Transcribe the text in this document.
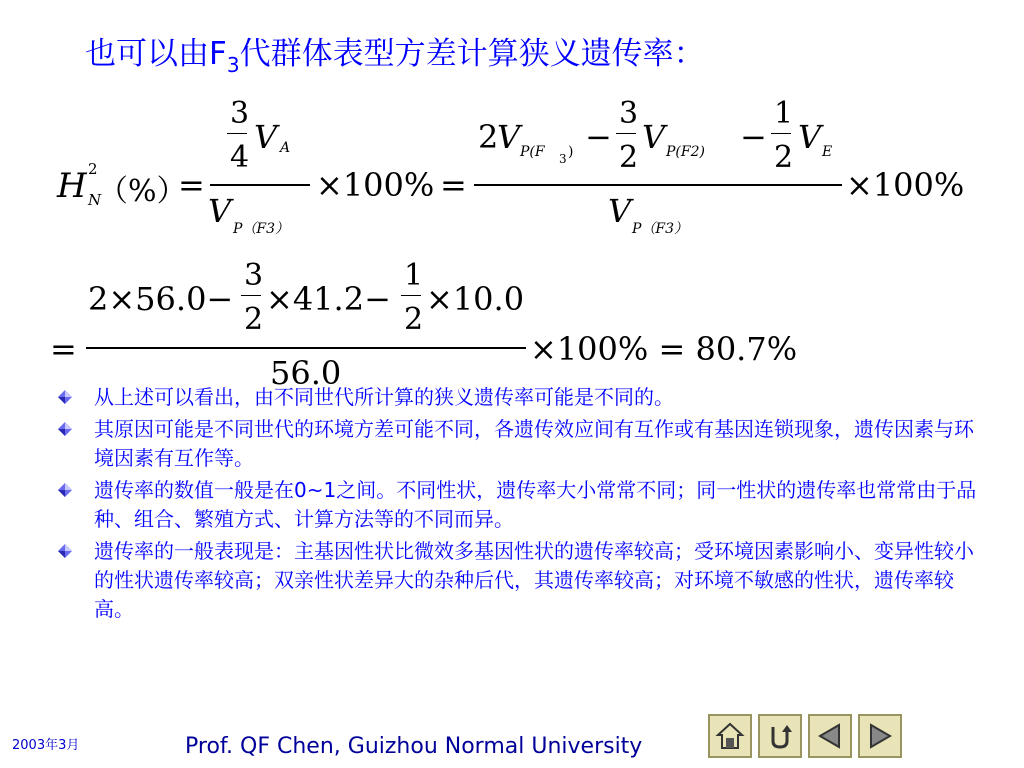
也可以由$F_3$代群体表型方差计算狭义遗传率：
H 2
N
（%）
=
3
4
V A
V P（F3）
×100% =
2
V P(F 3 ) −
3
2
V P(F2) −
1
2
V E
V P（F3）
×100%
=
2×56.0−
3
2
×41.2−
1
2
×10.0
56.0
×100% = 80.7%
从上述可以看出，由不同世代所计算的狭义遗传率可能是不同的。
其原因可能是不同世代的环境方差可能不同，各遗传效应间有互作或有基因连锁现象，遗传因素与环境因素有互作等。
遗传率的数值一般是在0~1之间。不同性状，遗传率大小常常不同；同一性状的遗传率也常常由于品种、组合、繁殖方式、计算方法等的不同而异。
遗传率的一般表现是：主基因性状比微效多基因性状的遗传率较高；受环境因素影响小、变异性较小的性状遗传率较高；双亲性状差异大的杂种后代，其遗传率较高；对环境不敏感的性状，遗传率较高。
2003年3月	Prof. QF Chen, Guizhou Normal University
